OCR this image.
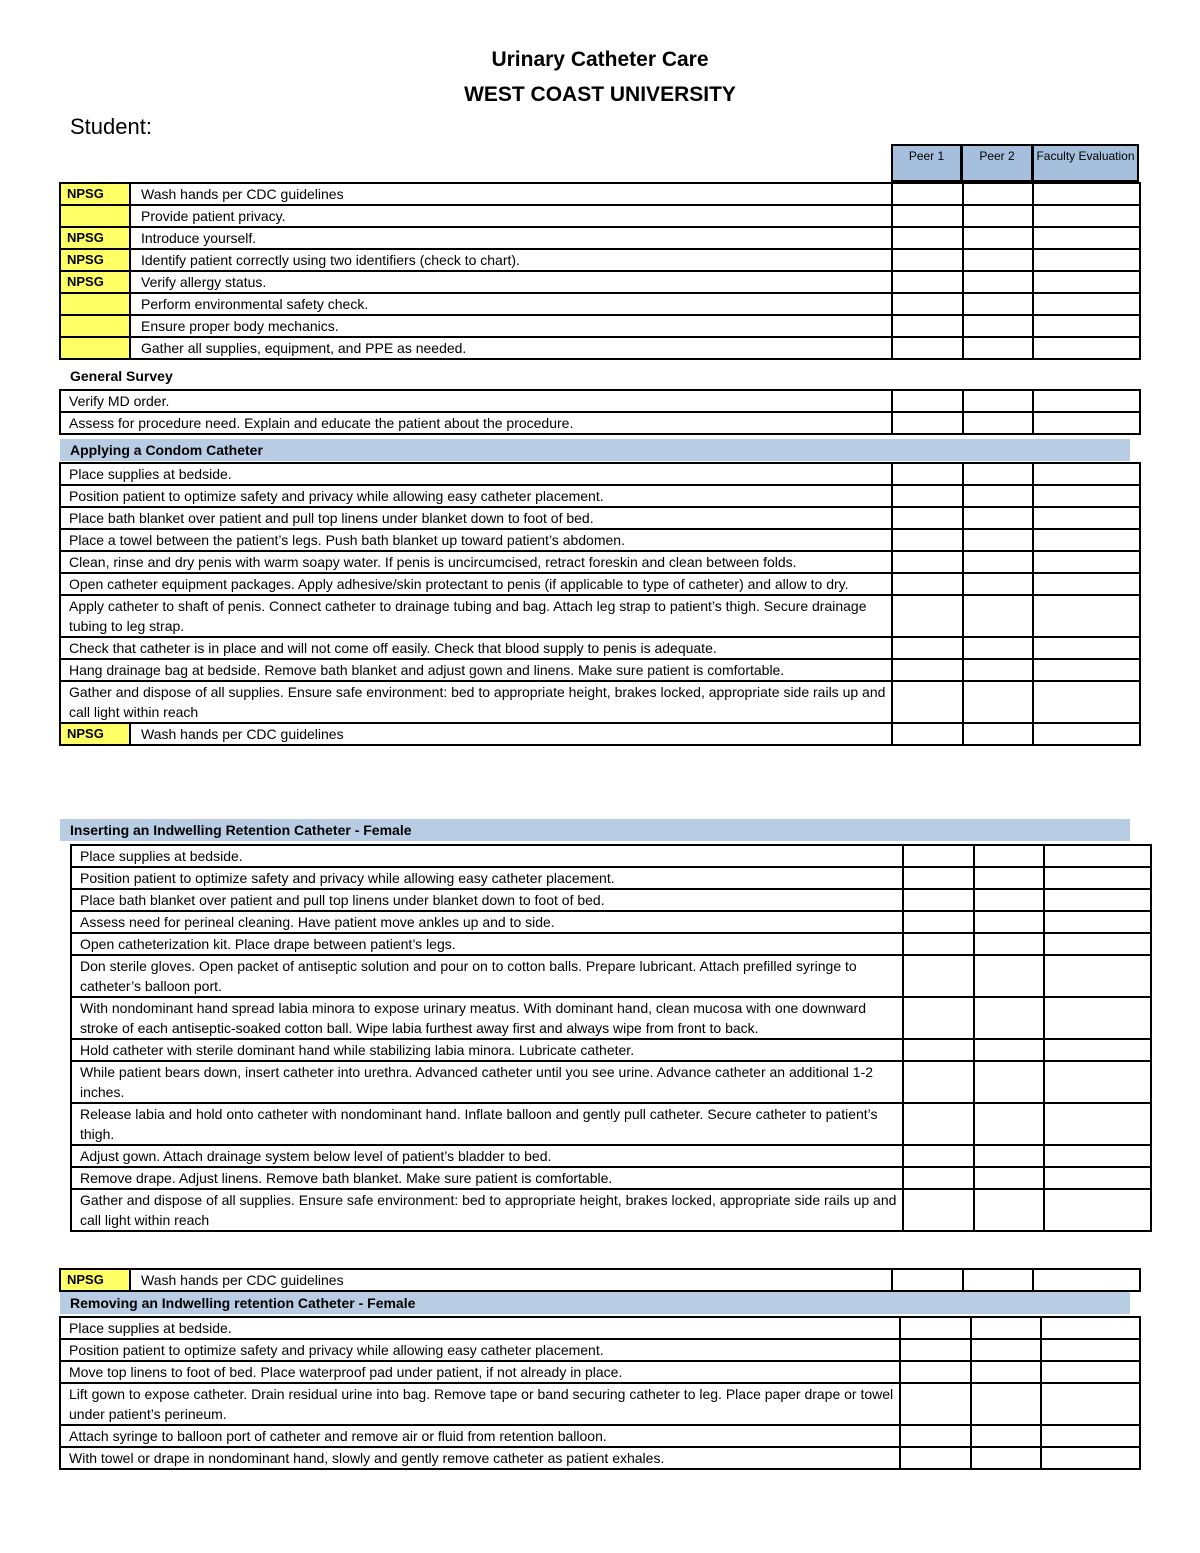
Urinary Catheter Care
WEST COAST UNIVERSITY
Student:
Peer 1	Peer 2	Faculty Evaluation
NPSG	Wash hands per CDC guidelines			
	Provide patient privacy.			
NPSG	Introduce yourself.			
NPSG	Identify patient correctly using two identifiers (check to chart).			
NPSG	Verify allergy status.			
	Perform environmental safety check.			
	Ensure proper body mechanics.			
	Gather all supplies, equipment, and PPE as needed.			
General Survey
Verify MD order.			
Assess for procedure need. Explain and educate the patient about the procedure.			
Applying a Condom Catheter
Place supplies at bedside.				
Position patient to optimize safety and privacy while allowing easy catheter placement.				
Place bath blanket over patient and pull top linens under blanket down to foot of bed.				
Place a towel between the patient’s legs. Push bath blanket up toward patient’s abdomen.				
Clean, rinse and dry penis with warm soapy water. If penis is uncircumcised, retract foreskin and clean between folds.				
Open catheter equipment packages. Apply adhesive/skin protectant to penis (if applicable to type of catheter) and allow to dry.				
Apply catheter to shaft of penis. Connect catheter to drainage tubing and bag. Attach leg strap to patient’s thigh. Secure drainage tubing to leg strap.				
Check that catheter is in place and will not come off easily. Check that blood supply to penis is adequate.				
Hang drainage bag at bedside. Remove bath blanket and adjust gown and linens. Make sure patient is comfortable.				
Gather and dispose of all supplies. Ensure safe environment: bed to appropriate height, brakes locked, appropriate side rails up and call light within reach				
NPSG	Wash hands per CDC guidelines			
Inserting an Indwelling Retention Catheter - Female
Place supplies at bedside.			
Position patient to optimize safety and privacy while allowing easy catheter placement.			
Place bath blanket over patient and pull top linens under blanket down to foot of bed.			
Assess need for perineal cleaning. Have patient move ankles up and to side.			
Open catheterization kit. Place drape between patient’s legs.			
Don sterile gloves. Open packet of antiseptic solution and pour on to cotton balls. Prepare lubricant. Attach prefilled syringe to catheter’s balloon port.			
With nondominant hand spread labia minora to expose urinary meatus. With dominant hand, clean mucosa with one downward stroke of each antiseptic-soaked cotton ball. Wipe labia furthest away first and always wipe from front to back.			
Hold catheter with sterile dominant hand while stabilizing labia minora. Lubricate catheter.			
While patient bears down, insert catheter into urethra. Advanced catheter until you see urine. Advance catheter an additional 1-2 inches.			
Release labia and hold onto catheter with nondominant hand. Inflate balloon and gently pull catheter. Secure catheter to patient’s thigh.			
Adjust gown. Attach drainage system below level of patient’s bladder to bed.			
Remove drape. Adjust linens. Remove bath blanket. Make sure patient is comfortable.			
Gather and dispose of all supplies. Ensure safe environment: bed to appropriate height, brakes locked, appropriate side rails up and call light within reach			
NPSG	Wash hands per CDC guidelines			
Removing an Indwelling retention Catheter - Female
Place supplies at bedside.			
Position patient to optimize safety and privacy while allowing easy catheter placement.			
Move top linens to foot of bed. Place waterproof pad under patient, if not already in place.			
Lift gown to expose catheter. Drain residual urine into bag. Remove tape or band securing catheter to leg. Place paper drape or towel under patient’s perineum.			
Attach syringe to balloon port of catheter and remove air or fluid from retention balloon.			
With towel or drape in nondominant hand, slowly and gently remove catheter as patient exhales.			
